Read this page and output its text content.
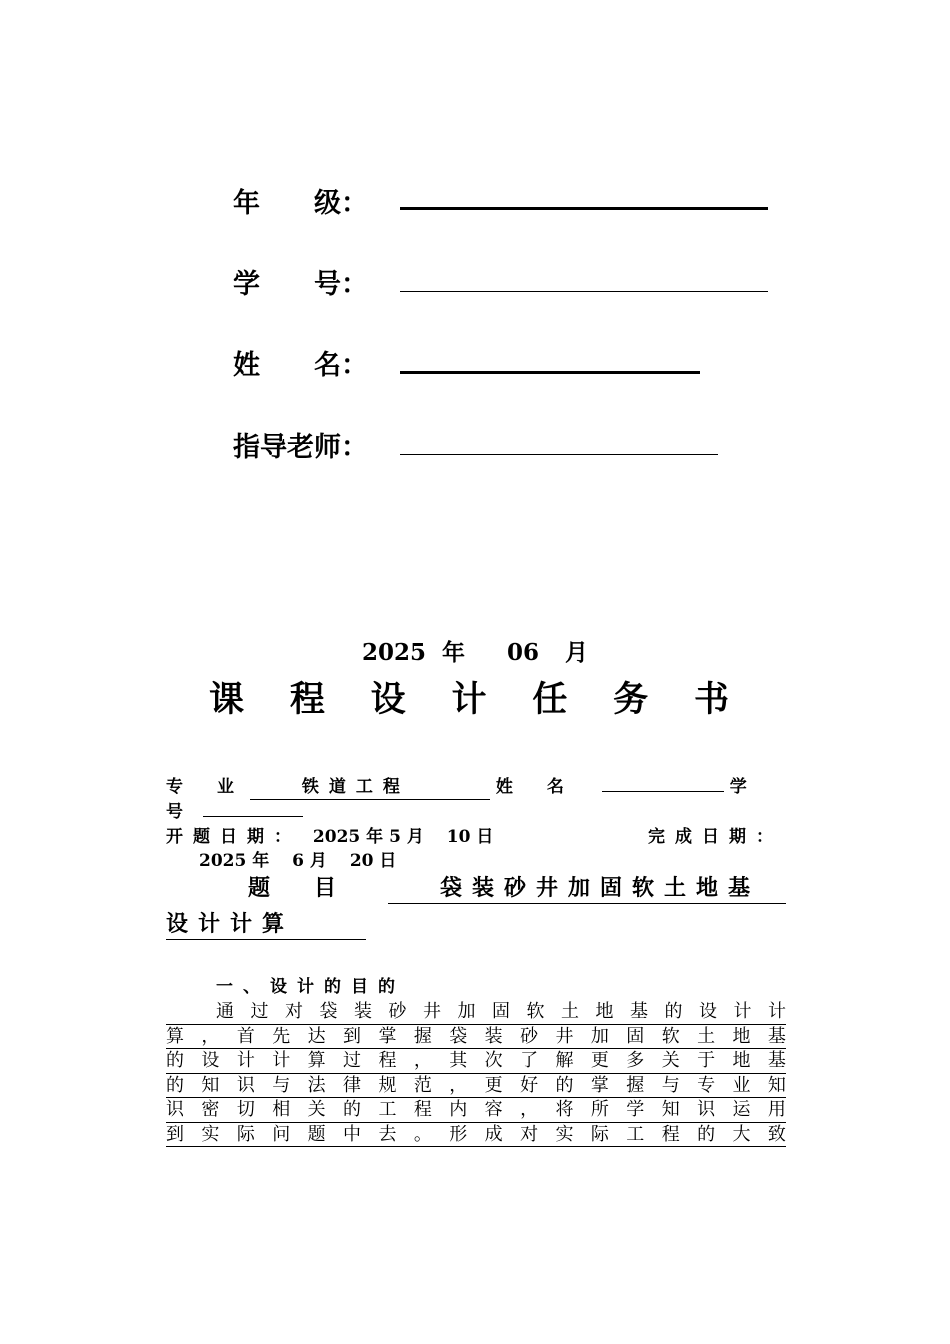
年　　级：
学　　号：
姓　　名：
指导老师：
2025 年 06 月
课 程 设 计 任 务 书
专　　业	铁道工程	姓　　名	学
号
开题日期： 2025 年 5 月　 10 日	完成日期：
2025 年　 6 月　 20 日
题　　目	袋装砂井加固软土地基
设计计算
一、设计的目的
通 过 对 袋 装 砂 井 加 固 软 土 地 基 的 设 计 计
算 ， 首 先 达 到 掌 握 袋 装 砂 井 加 固 软 土 地 基
的 设 计 计 算 过 程 ， 其 次 了 解 更 多 关 于 地 基
的 知 识 与 法 律 规 范 ， 更 好 的 掌 握 与 专 业 知
识 密 切 相 关 的 工 程 内 容 ， 将 所 学 知 识 运 用
到 实 际 问 题 中 去 。 形 成 对 实 际 工 程 的 大 致
